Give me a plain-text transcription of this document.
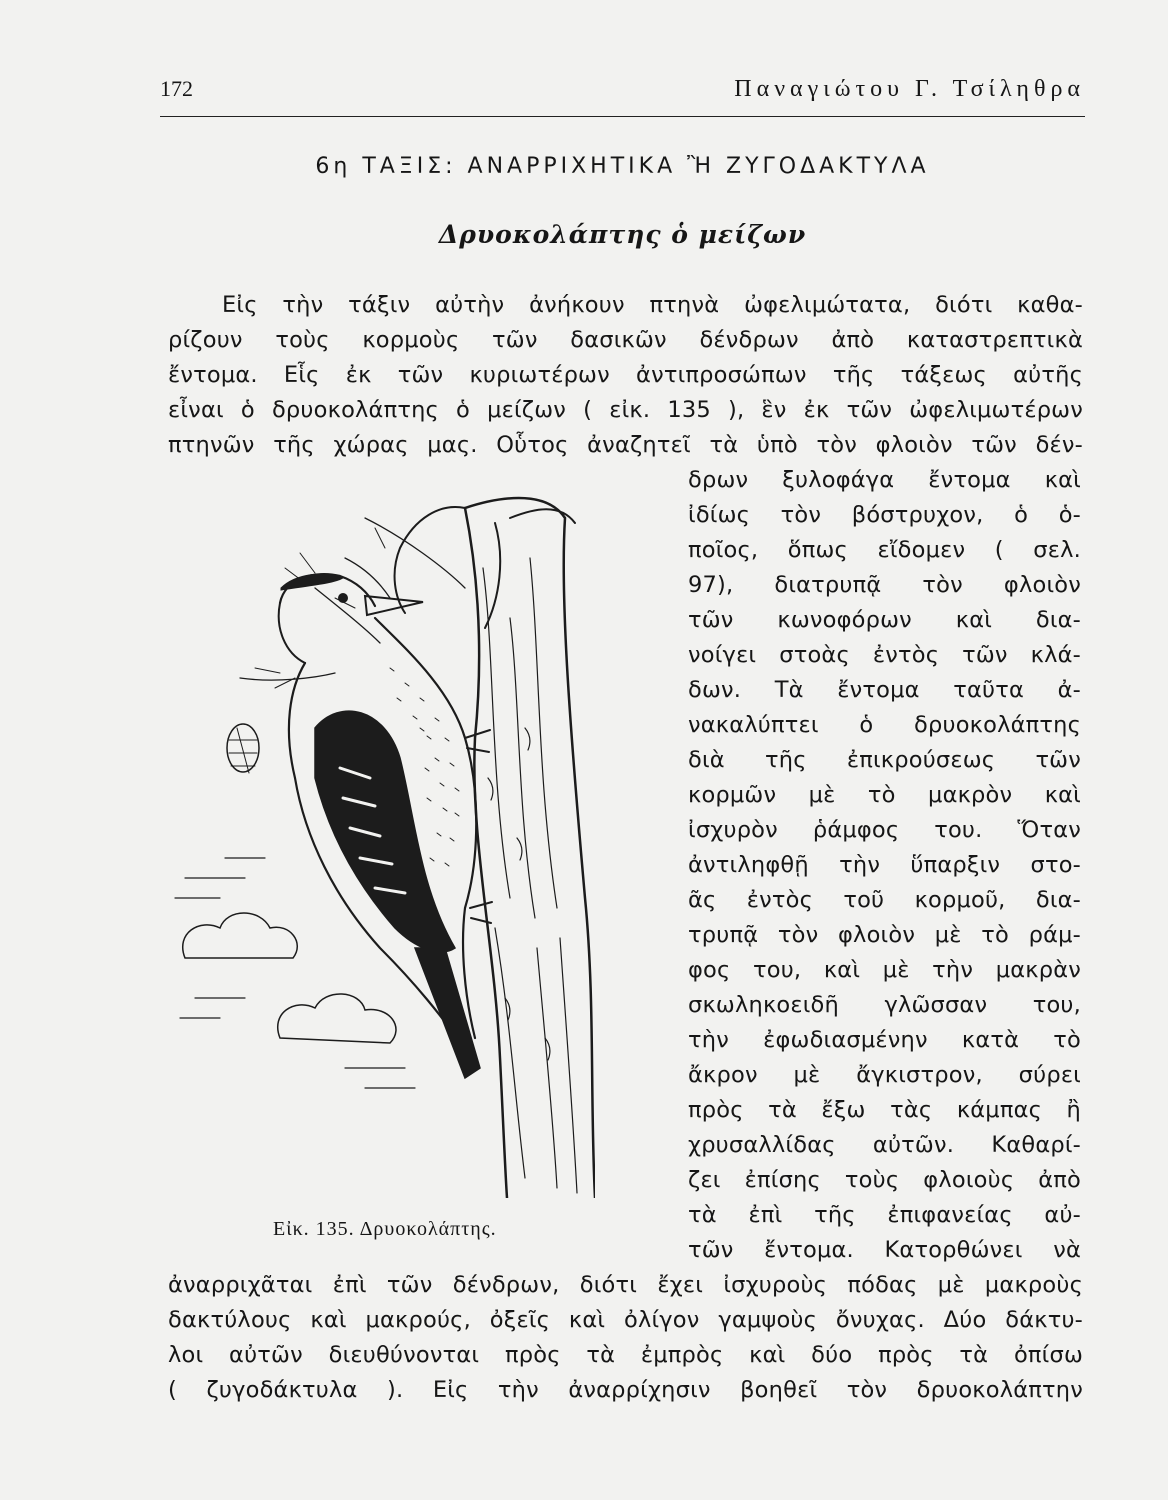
172	Παναγιώτου Γ. Τσίληθρα
6η ΤΑΞΙΣ: ΑΝΑΡΡΙΧΗΤΙΚΑ Ἢ ΖΥΓΟΔΑΚΤΥΛΑ
Δρυοκολάπτης ὁ μείζων
Εἰς τὴν τάξιν αὐτὴν ἀνήκουν πτηνὰ ὠφελιμώτατα, διότι καθα-
ρίζουν τοὺς κορμοὺς τῶν δασικῶν δένδρων ἀπὸ καταστρεπτικὰ
ἔντομα. Εἷς ἐκ τῶν κυριωτέρων ἀντιπροσώπων τῆς τάξεως αὐτῆς
εἶναι ὁ δρυοκολάπτης ὁ μείζων ( εἰκ. 135 ), ἓν ἐκ τῶν ὠφελιμωτέρων
πτηνῶν τῆς χώρας μας. Οὗτος ἀναζητεῖ τὰ ὑπὸ τὸν φλοιὸν τῶν δέν-
δρων ξυλοφάγα ἔντομα καὶ
ἰδίως τὸν βόστρυχον, ὁ ὁ-
ποῖος, ὅπως εἴδομεν ( σελ.
97), διατρυπᾷ τὸν φλοιὸν
τῶν κωνοφόρων καὶ δια-
νοίγει στοὰς ἐντὸς τῶν κλά-
δων. Τὰ ἔντομα ταῦτα ἀ-
νακαλύπτει ὁ δρυοκολάπτης
διὰ τῆς ἐπικρούσεως τῶν
κορμῶν μὲ τὸ μακρὸν καὶ
ἰσχυρὸν ῥάμφος του. Ὅταν
ἀντιληφθῇ τὴν ὕπαρξιν στο-
ᾶς ἐντὸς τοῦ κορμοῦ, δια-
τρυπᾷ τὸν φλοιὸν μὲ τὸ ράμ-
φος του, καὶ μὲ τὴν μακρὰν
σκωληκοειδῆ γλῶσσαν του,
τὴν ἐφωδιασμένην κατὰ τὸ
ἄκρον μὲ ἄγκιστρον, σύρει
πρὸς τὰ ἔξω τὰς κάμπας ἢ
χρυσαλλίδας αὐτῶν. Καθαρί-
ζει ἐπίσης τοὺς φλοιοὺς ἀπὸ
τὰ ἐπὶ τῆς ἐπιφανείας αὐ-
τῶν ἔντομα. Κατορθώνει νὰ
ἀναρριχᾶται ἐπὶ τῶν δένδρων, διότι ἔχει ἰσχυροὺς πόδας μὲ μακροὺς
δακτύλους καὶ μακρούς, ὀξεῖς καὶ ὀλίγον γαμψοὺς ὄνυχας. Δύο δάκτυ-
λοι αὐτῶν διευθύνονται πρὸς τὰ ἐμπρὸς καὶ δύο πρὸς τὰ ὀπίσω
( ζυγοδάκτυλα ). Εἰς τὴν ἀναρρίχησιν βοηθεῖ τὸν δρυοκολάπτην
Εἰκ. 135. Δρυοκολάπτης.
